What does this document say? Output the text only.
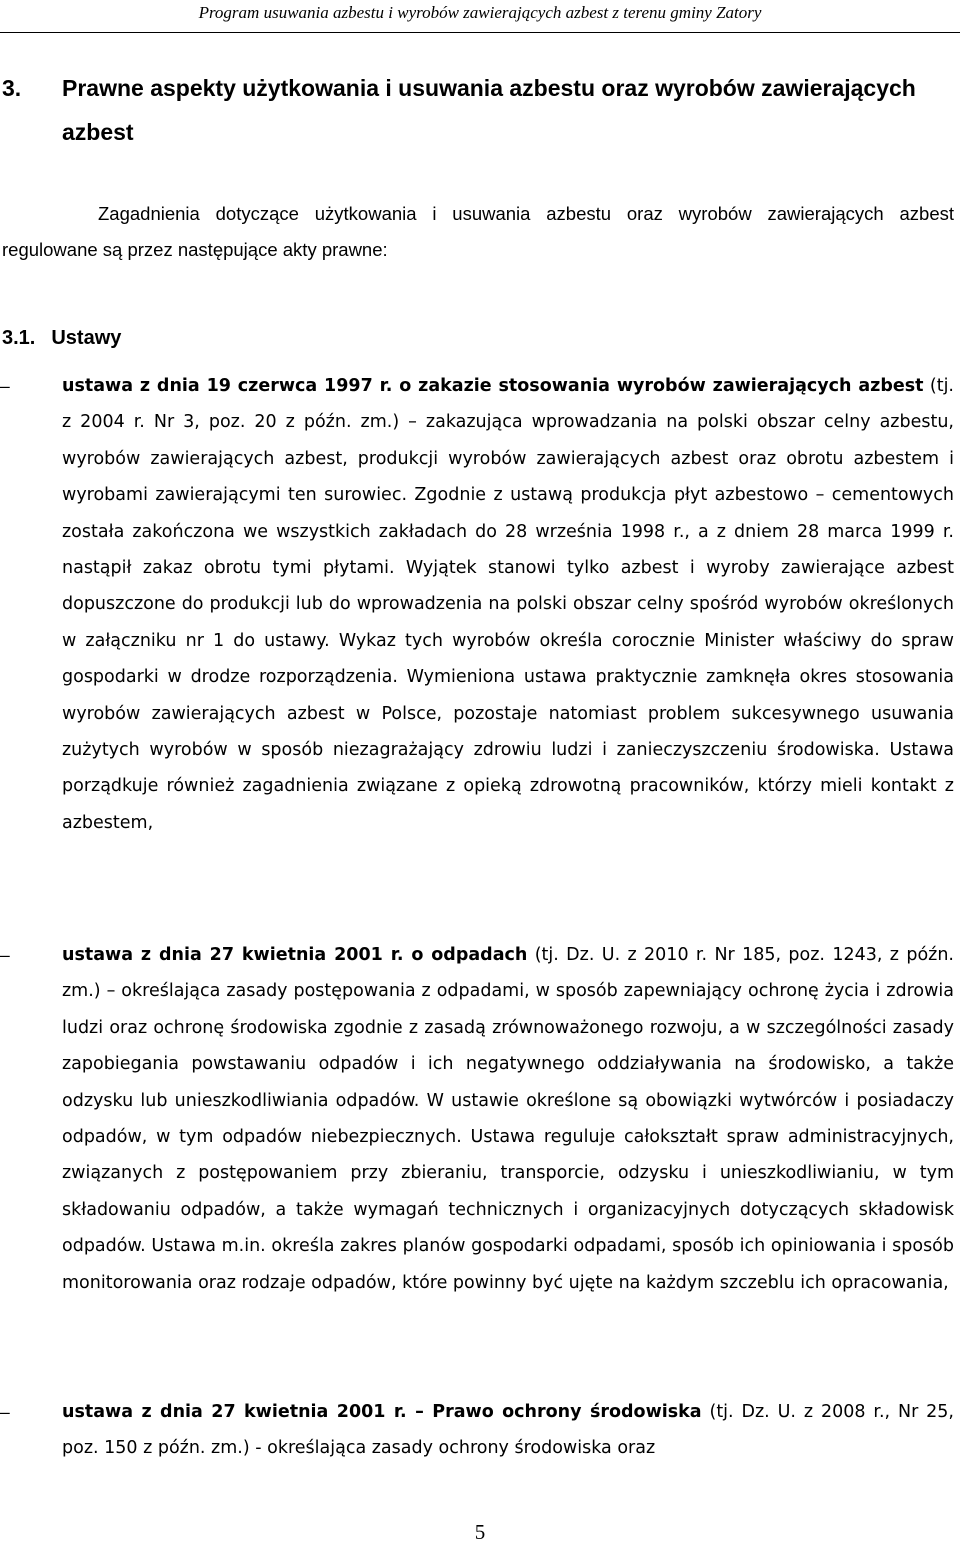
Program usuwania azbestu i wyrobów zawierających azbest z terenu gminy Zatory
3. Prawne aspekty użytkowania i usuwania azbestu oraz wyrobów zawierających azbest

Zagadnienia dotyczące użytkowania i usuwania azbestu oraz wyrobów zawierających azbest regulowane są przez następujące akty prawne:

3.1. Ustawy

–	ustawa z dnia 19 czerwca 1997 r. o zakazie stosowania wyrobów zawierających azbest (tj. z 2004 r. Nr 3, poz. 20 z późn. zm.) – zakazująca wprowadzania na polski obszar celny azbestu, wyrobów zawierających azbest, produkcji wyrobów zawierających azbest oraz obrotu azbestem i wyrobami zawierającymi ten surowiec. Zgodnie z ustawą produkcja płyt azbestowo – cementowych została zakończona we wszystkich zakładach do 28 września 1998 r., a z dniem 28 marca 1999 r. nastąpił zakaz obrotu tymi płytami. Wyjątek stanowi tylko azbest i wyroby zawierające azbest dopuszczone do produkcji lub do wprowadzenia na polski obszar celny spośród wyrobów określonych w załączniku nr 1 do ustawy. Wykaz tych wyrobów określa corocznie Minister właściwy do spraw gospodarki w drodze rozporządzenia. Wymieniona ustawa praktycznie zamknęła okres stosowania wyrobów zawierających azbest w Polsce, pozostaje natomiast problem sukcesywnego usuwania zużytych wyrobów w sposób niezagrażający zdrowiu ludzi i zanieczyszczeniu środowiska. Ustawa porządkuje również zagadnienia związane z opieką zdrowotną pracowników, którzy mieli kontakt z azbestem,

–	ustawa z dnia 27 kwietnia 2001 r. o odpadach (tj. Dz. U. z 2010 r. Nr 185, poz. 1243, z późn. zm.) – określająca zasady postępowania z odpadami, w sposób zapewniający ochronę życia i zdrowia ludzi oraz ochronę środowiska zgodnie z zasadą zrównoważonego rozwoju, a w szczególności zasady zapobiegania powstawaniu odpadów i ich negatywnego oddziaływania na środowisko, a także odzysku lub unieszkodliwiania odpadów. W ustawie określone są obowiązki wytwórców i posiadaczy odpadów, w tym odpadów niebezpiecznych. Ustawa reguluje całokształt spraw administracyjnych, związanych z postępowaniem przy zbieraniu, transporcie, odzysku i unieszkodliwianiu, w tym składowaniu odpadów, a także wymagań technicznych i organizacyjnych dotyczących składowisk odpadów. Ustawa m.in. określa zakres planów gospodarki odpadami, sposób ich opiniowania i sposób monitorowania oraz rodzaje odpadów, które powinny być ujęte na każdym szczeblu ich opracowania,

–	ustawa z dnia 27 kwietnia 2001 r. – Prawo ochrony środowiska (tj. Dz. U. z 2008 r., Nr 25, poz. 150 z późn. zm.) - określająca zasady ochrony środowiska oraz

5
